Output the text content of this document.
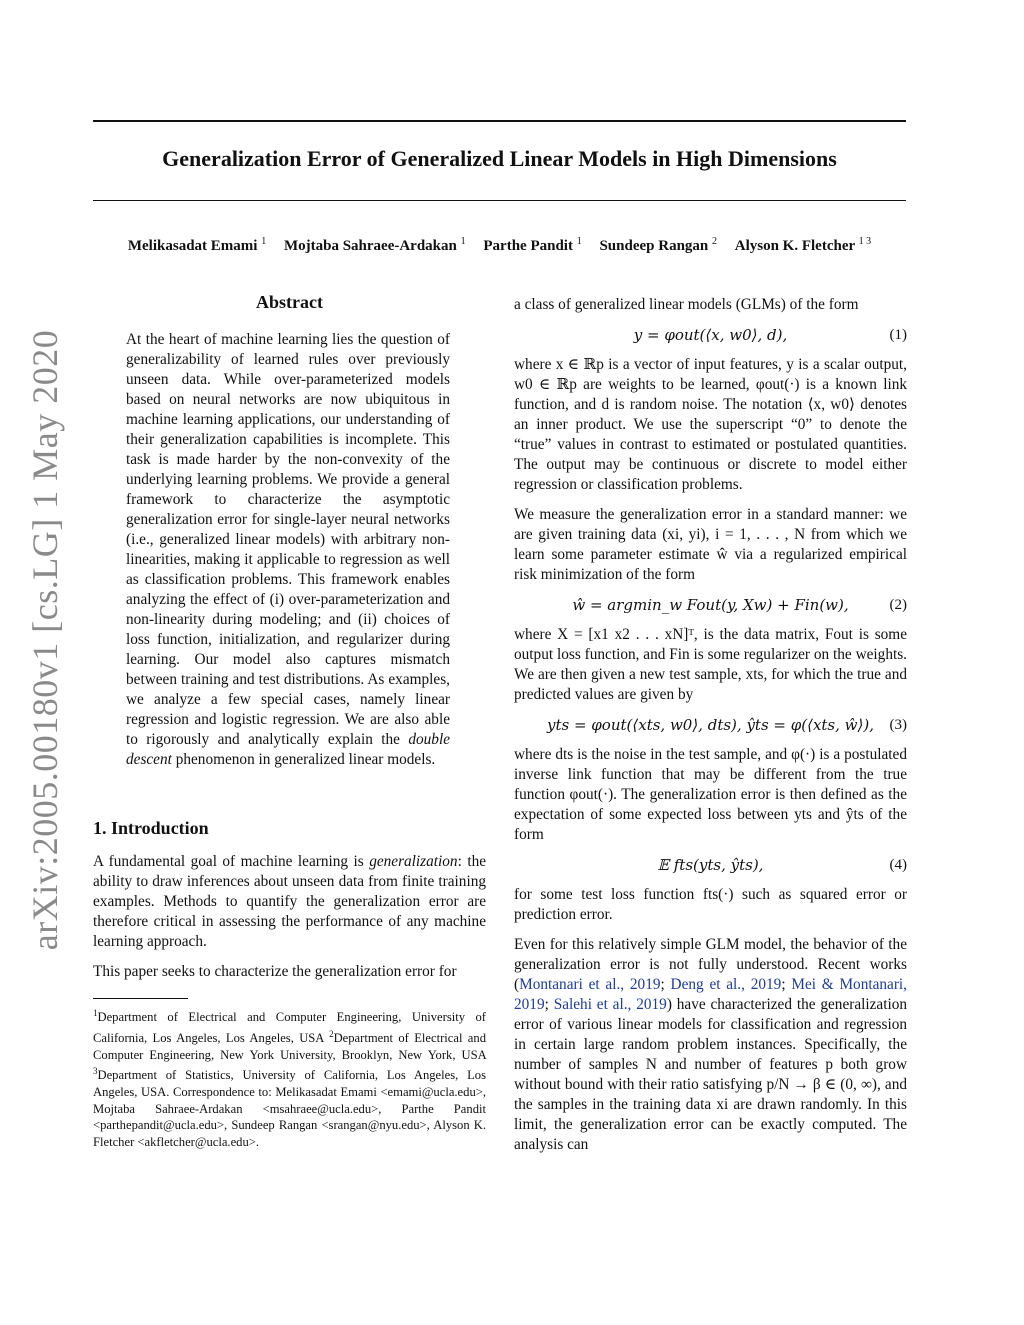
arXiv:2005.00180v1 [cs.LG] 1 May 2020
Generalization Error of Generalized Linear Models in High Dimensions
Melikasadat Emami $^1$ Mojtaba Sahraee-Ardakan $^1$ Parthe Pandit $^1$ Sundeep Rangan $^2$ Alyson K. Fletcher $^{1 3}$
Abstract

At the heart of machine learning lies the question of generalizability of learned rules over previously unseen data. While over-parameterized models based on neural networks are now ubiquitous in machine learning applications, our understanding of their generalization capabilities is incomplete. This task is made harder by the non-convexity of the underlying learning problems. We provide a general framework to characterize the asymptotic generalization error for single-layer neural networks (i.e., generalized linear models) with arbitrary non-linearities, making it applicable to regression as well as classification problems. This framework enables analyzing the effect of (i) over-parameterization and non-linearity during modeling; and (ii) choices of loss function, initialization, and regularizer during learning. Our model also captures mismatch between training and test distributions. As examples, we analyze a few special cases, namely linear regression and logistic regression. We are also able to rigorously and analytically explain the double descent phenomenon in generalized linear models.

1. Introduction

A fundamental goal of machine learning is generalization: the ability to draw inferences about unseen data from finite training examples. Methods to quantify the generalization error are therefore critical in assessing the performance of any machine learning approach.

This paper seeks to characterize the generalization error for

$^1$Department of Electrical and Computer Engineering, University of California, Los Angeles, Los Angeles, USA $^2$Department of Electrical and Computer Engineering, New York University, Brooklyn, New York, USA $^3$Department of Statistics, University of California, Los Angeles, Los Angeles, USA. Correspondence to: Melikasadat Emami <emami@ucla.edu>, Mojtaba Sahraee-Ardakan <msahraee@ucla.edu>, Parthe Pandit <parthepandit@ucla.edu>, Sundeep Rangan <srangan@nyu.edu>, Alyson K. Fletcher <akfletcher@ucla.edu>.

a class of generalized linear models (GLMs) of the form

y = φout(⟨x, w0⟩, d),	(1)

where x ∈ ℝp is a vector of input features, y is a scalar output, w0 ∈ ℝp are weights to be learned, φout(·) is a known link function, and d is random noise. The notation ⟨x, w0⟩ denotes an inner product. We use the superscript “0” to denote the “true” values in contrast to estimated or postulated quantities. The output may be continuous or discrete to model either regression or classification problems.

We measure the generalization error in a standard manner: we are given training data (xi, yi), i = 1, . . . , N from which we learn some parameter estimate ŵ via a regularized empirical risk minimization of the form

ŵ = argmin_w Fout(y, Xw) + Fin(w),	(2)

where X = [x1 x2 . . . xN]ᵀ, is the data matrix, Fout is some output loss function, and Fin is some regularizer on the weights. We are then given a new test sample, xts, for which the true and predicted values are given by

yts = φout(⟨xts, w0⟩, dts), ŷts = φ(⟨xts, ŵ⟩), (3)

where dts is the noise in the test sample, and φ(·) is a postulated inverse link function that may be different from the true function φout(·). The generalization error is then defined as the expectation of some expected loss between yts and ŷts of the form

𝔼 fts(yts, ŷts),	(4)

for some test loss function fts(·) such as squared error or prediction error.

Even for this relatively simple GLM model, the behavior of the generalization error is not fully understood. Recent works (Montanari et al., 2019; Deng et al., 2019; Mei & Montanari, 2019; Salehi et al., 2019) have characterized the generalization error of various linear models for classification and regression in certain large random problem instances. Specifically, the number of samples N and number of features p both grow without bound with their ratio satisfying p/N → β ∈ (0, ∞), and the samples in the training data xi are drawn randomly. In this limit, the generalization error can be exactly computed. The analysis can
